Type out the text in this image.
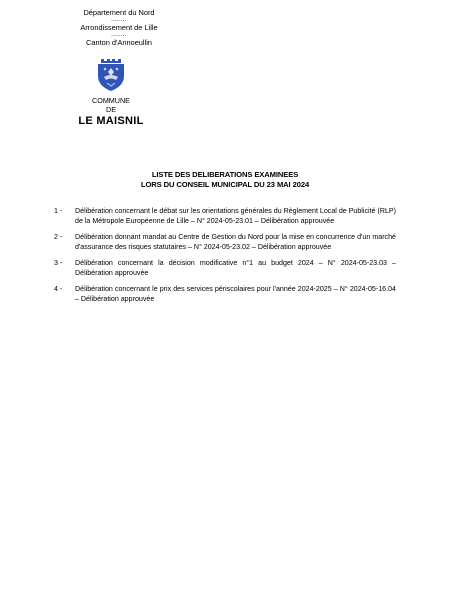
Département du Nord
........
Arrondissement de Lille
........
Canton d'Annoeullin
COMMUNE
DE
LE MAISNIL
LISTE DES DELIBERATIONS EXAMINEES
LORS DU CONSEIL MUNICIPAL DU 23 MAI 2024
1 -	Délibération concernant le débat sur les orientations générales du Règlement Local de Publicité (RLP) de la Métropole Européenne de Lille – N° 2024-05-23.01 – Délibération approuvée
2 -	Délibération donnant mandat au Centre de Gestion du Nord pour la mise en concurrence d'un marché d'assurance des risques statutaires – N° 2024-05-23.02 – Délibération approuvée
3 -	Délibération concernant la décision modificative n°1 au budget 2024 – N° 2024-05-23.03 – Délibération approuvée
4 -	Délibération concernant le prix des services périscolaires pour l'année 2024-2025 – N° 2024-05-16.04 – Délibération approuvée
